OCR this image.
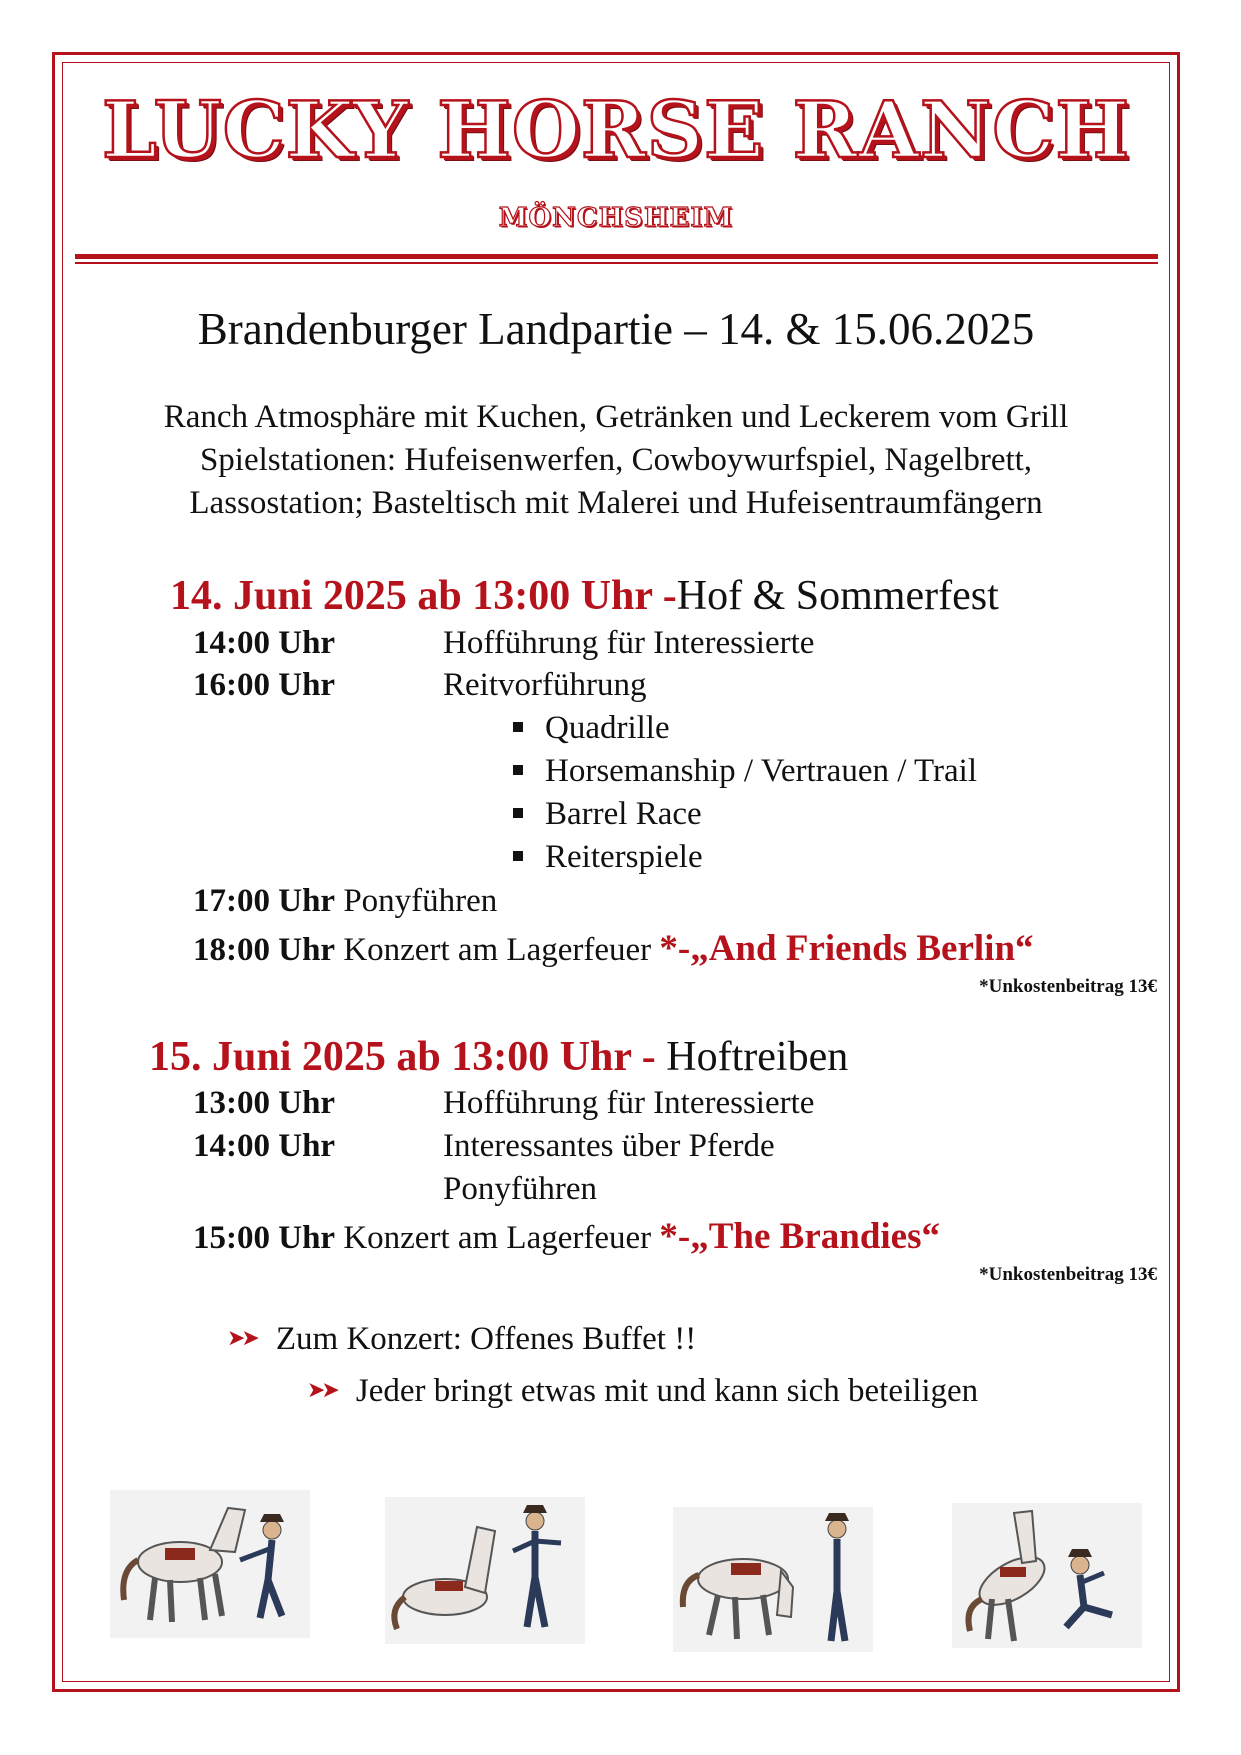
LUCKY HORSE RANCH
MÖNCHSHEIM
Brandenburger Landpartie – 14. & 15.06.2025
Ranch Atmosphäre mit Kuchen, Getränken und Leckerem vom Grill
Spielstationen: Hufeisenwerfen, Cowboywurfspiel, Nagelbrett,
Lassostation; Basteltisch mit Malerei und Hufeisentraumfängern
14. Juni 2025 ab 13:00 Uhr -Hof & Sommerfest
14:00 Uhr	Hofführung für Interessierte
16:00 Uhr	Reitvorführung
Quadrille
Horsemanship / Vertrauen / Trail
Barrel Race
Reiterspiele
17:00 Uhr Ponyführen
18:00 Uhr Konzert am Lagerfeuer *-„And Friends Berlin“
*Unkostenbeitrag 13€
15. Juni 2025 ab 13:00 Uhr - Hoftreiben
13:00 Uhr	Hofführung für Interessierte
14:00 Uhr	Interessantes über Pferde
Ponyführen
15:00 Uhr Konzert am Lagerfeuer *-„The Brandies“
*Unkostenbeitrag 13€
➤➤ Zum Konzert: Offenes Buffet !!
➤➤ Jeder bringt etwas mit und kann sich beteiligen
